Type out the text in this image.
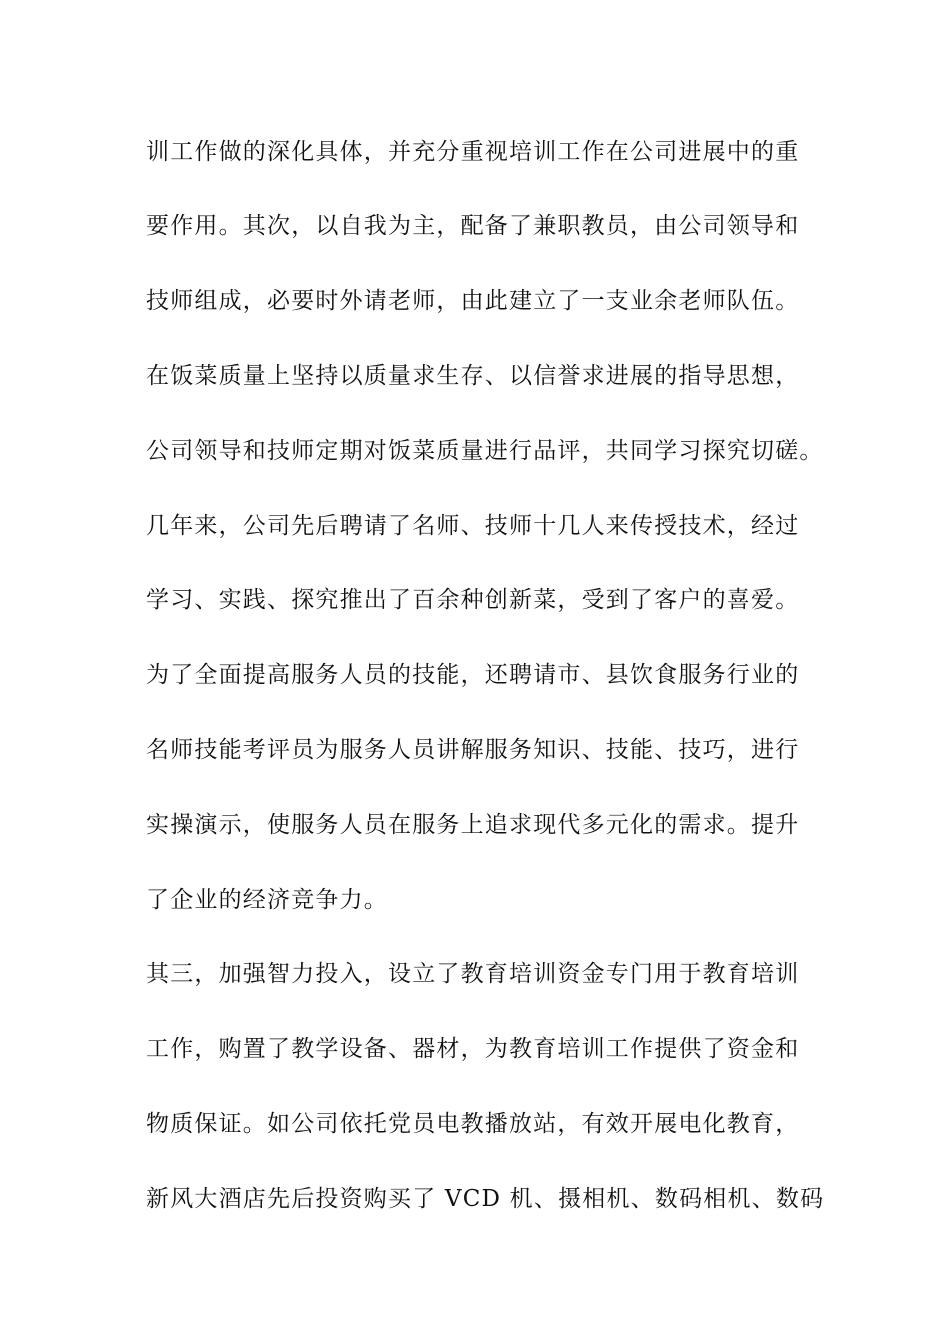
训工作做的深化具体，并充分重视培训工作在公司进展中的重
要作用。其次，以自我为主，配备了兼职教员，由公司领导和
技师组成，必要时外请老师，由此建立了一支业余老师队伍。
在饭菜质量上坚持以质量求生存、以信誉求进展的指导思想，
公司领导和技师定期对饭菜质量进行品评，共同学习探究切磋。
几年来，公司先后聘请了名师、技师十几人来传授技术，经过
学习、实践、探究推出了百余种创新菜，受到了客户的喜爱。
为了全面提高服务人员的技能，还聘请市、县饮食服务行业的
名师技能考评员为服务人员讲解服务知识、技能、技巧，进行
实操演示，使服务人员在服务上追求现代多元化的需求。提升
了企业的经济竞争力。
其三，加强智力投入，设立了教育培训资金专门用于教育培训
工作，购置了教学设备、器材，为教育培训工作提供了资金和
物质保证。如公司依托党员电教播放站，有效开展电化教育，
新风大酒店先后投资购买了 VCD 机、摄相机、数码相机、数码
